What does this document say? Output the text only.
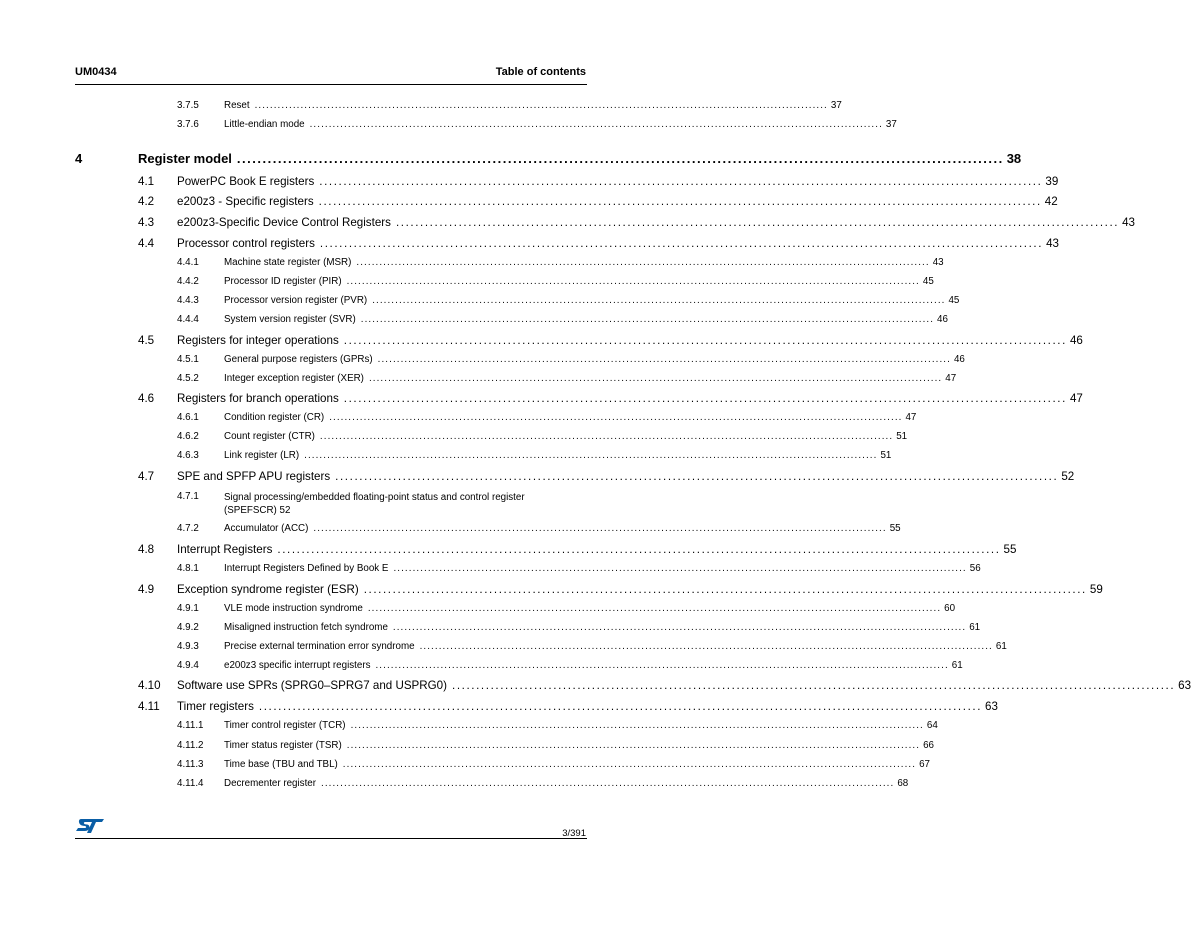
UM0434	Table of contents
3.7.5	Reset ...................................................................................................................................................... 37
3.7.6	Little-endian mode ...................................................................................................................................................... 37
4	Register model ...................................................................................................................................................... 38
4.1 PowerPC Book E registers ...................................................................................................................................................... 39
4.2 e200z3 - Specific registers ...................................................................................................................................................... 42
4.3 e200z3-Specific Device Control Registers ...................................................................................................................................................... 43
4.4 Processor control registers ...................................................................................................................................................... 43
4.4.1	Machine state register (MSR) ...................................................................................................................................................... 43
4.4.2	Processor ID register (PIR) ...................................................................................................................................................... 45
4.4.3	Processor version register (PVR) ...................................................................................................................................................... 45
4.4.4	System version register (SVR) ...................................................................................................................................................... 46
4.5 Registers for integer operations ...................................................................................................................................................... 46
4.5.1	General purpose registers (GPRs) ...................................................................................................................................................... 46
4.5.2	Integer exception register (XER) ...................................................................................................................................................... 47
4.6 Registers for branch operations ...................................................................................................................................................... 47
4.6.1	Condition register (CR) ...................................................................................................................................................... 47
4.6.2	Count register (CTR) ...................................................................................................................................................... 51
4.6.3	Link register (LR) ...................................................................................................................................................... 51
4.7 SPE and SPFP APU registers ...................................................................................................................................................... 52
4.7.1	Signal processing/embedded floating-point status and control register (SPEFSCR) 52
4.7.2	Accumulator (ACC) ...................................................................................................................................................... 55
4.8 Interrupt Registers ...................................................................................................................................................... 55
4.8.1	Interrupt Registers Defined by Book E ...................................................................................................................................................... 56
4.9 Exception syndrome register (ESR) ...................................................................................................................................................... 59
4.9.1	VLE mode instruction syndrome ...................................................................................................................................................... 60
4.9.2	Misaligned instruction fetch syndrome ...................................................................................................................................................... 61
4.9.3	Precise external termination error syndrome ...................................................................................................................................................... 61
4.9.4	e200z3 specific interrupt registers ...................................................................................................................................................... 61
4.10 Software use SPRs (SPRG0–SPRG7 and USPRG0) ...................................................................................................................................................... 63
4.11 Timer registers ...................................................................................................................................................... 63
4.11.1 Timer control register (TCR) ...................................................................................................................................................... 64
4.11.2 Timer status register (TSR) ...................................................................................................................................................... 66
4.11.3 Time base (TBU and TBL) ...................................................................................................................................................... 67
4.11.4 Decrementer register ...................................................................................................................................................... 68
3/391
